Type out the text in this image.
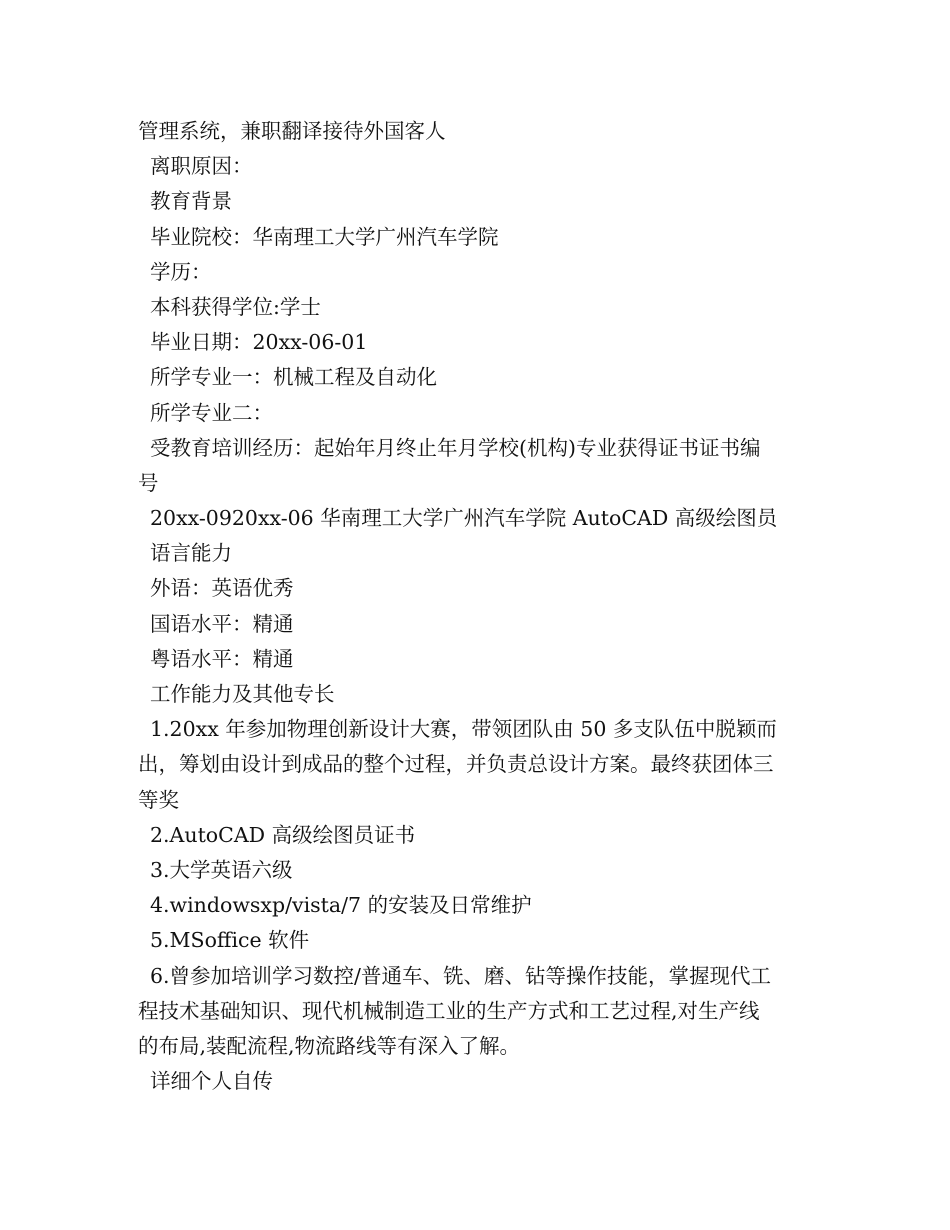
管理系统，兼职翻译接待外国客人
离职原因：
教育背景
毕业院校：华南理工大学广州汽车学院
学历：
本科获得学位:学士
毕业日期：20xx-06-01
所学专业一：机械工程及自动化
所学专业二：
受教育培训经历：起始年月终止年月学校(机构)专业获得证书证书编
号
20xx-0920xx-06 华南理工大学广州汽车学院 AutoCAD 高级绘图员
语言能力
外语：英语优秀
国语水平：精通
粤语水平：精通
工作能力及其他专长
1.20xx 年参加物理创新设计大赛，带领团队由 50 多支队伍中脱颖而
出，筹划由设计到成品的整个过程，并负责总设计方案。最终获团体三
等奖
2.AutoCAD 高级绘图员证书
3.大学英语六级
4.windowsxp/vista/7 的安装及日常维护
5.MSoffice 软件
6.曾参加培训学习数控/普通车、铣、磨、钻等操作技能，掌握现代工
程技术基础知识、现代机械制造工业的生产方式和工艺过程,对生产线
的布局,装配流程,物流路线等有深入了解。
详细个人自传
